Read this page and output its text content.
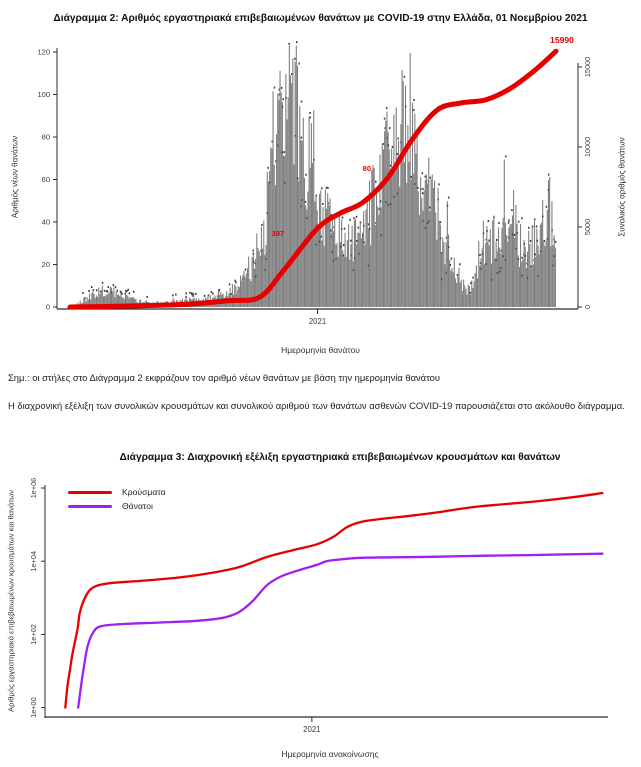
0
20
40
60
80
100
120
2021
0
5000
10000
15000
397
80
15990
1e+00
1e+02
1e+04
1e+06
2021
Διάγραμμα 2: Αριθμός εργαστηριακά επιβεβαιωμένων θανάτων με COVID-19 στην Ελλάδα, 01 Νοεμβρίου 2021
Αριθμός νέων θανάτων	Συνολικός αριθμός θανάτων
Ημερομηνία θανάτου
Σημ.: οι στήλες στο Διάγραμμα 2 εκφράζουν τον αριθμό νέων θανάτων με βάση την ημερομηνία θανάτου
Η διαχρονική εξέλιξη των συνολικών κρουσμάτων και συνολικού αριθμού των θανάτων ασθενών COVID-19 παρουσιάζεται στο ακόλουθο διάγραμμα.
Διάγραμμα 3: Διαχρονική εξέλιξη εργαστηριακά επιβεβαιωμένων κρουσμάτων και θανάτων
Κρούσματα
Θάνατοι
Αριθμός εργαστηριακά επιβεβαιωμένων κρουσμάτων και θανάτων
Ημερομηνία ανακοίνωσης
